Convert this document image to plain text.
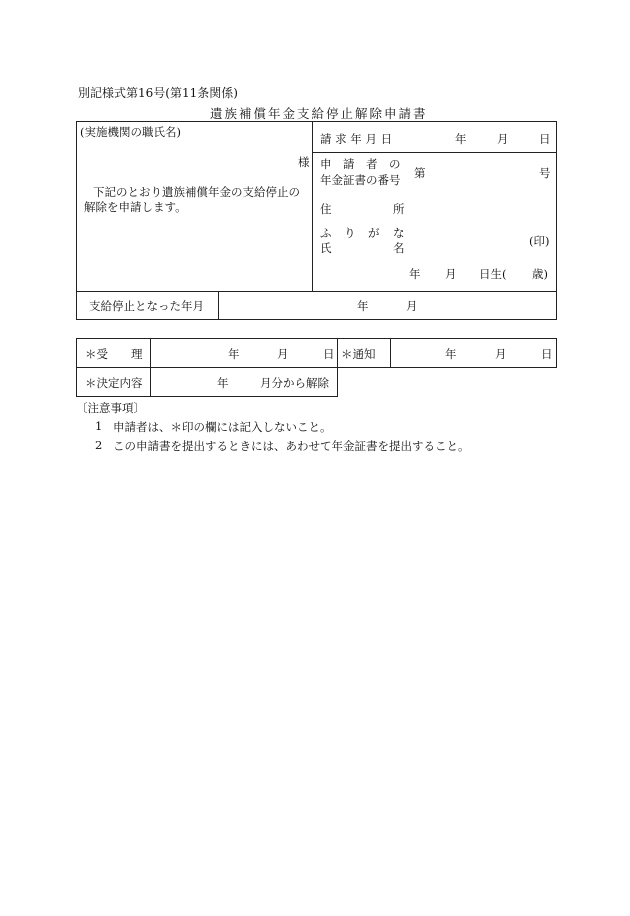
別記様式第16号(第11条関係)
遺族補償年金支給停止解除申請書
(実施機関の職氏名)
様
下記のとおり遺族補償年金の支給停止の解除を申請します。
請 求 年 月 日	年	月	日
申　請　者　の
年金証書の番号 第	号
住	所
ふ り が な
氏	名	(印)
年 月 日生( 歳)
支給停止となった年月	年	月
＊受　　理	年	月	日 ＊通知	年	月	日
＊決定内容	年	月分から解除
〔注意事項〕
1 申請者は、＊印の欄には記入しないこと。
2 この申請書を提出するときには、あわせて年金証書を提出すること。
